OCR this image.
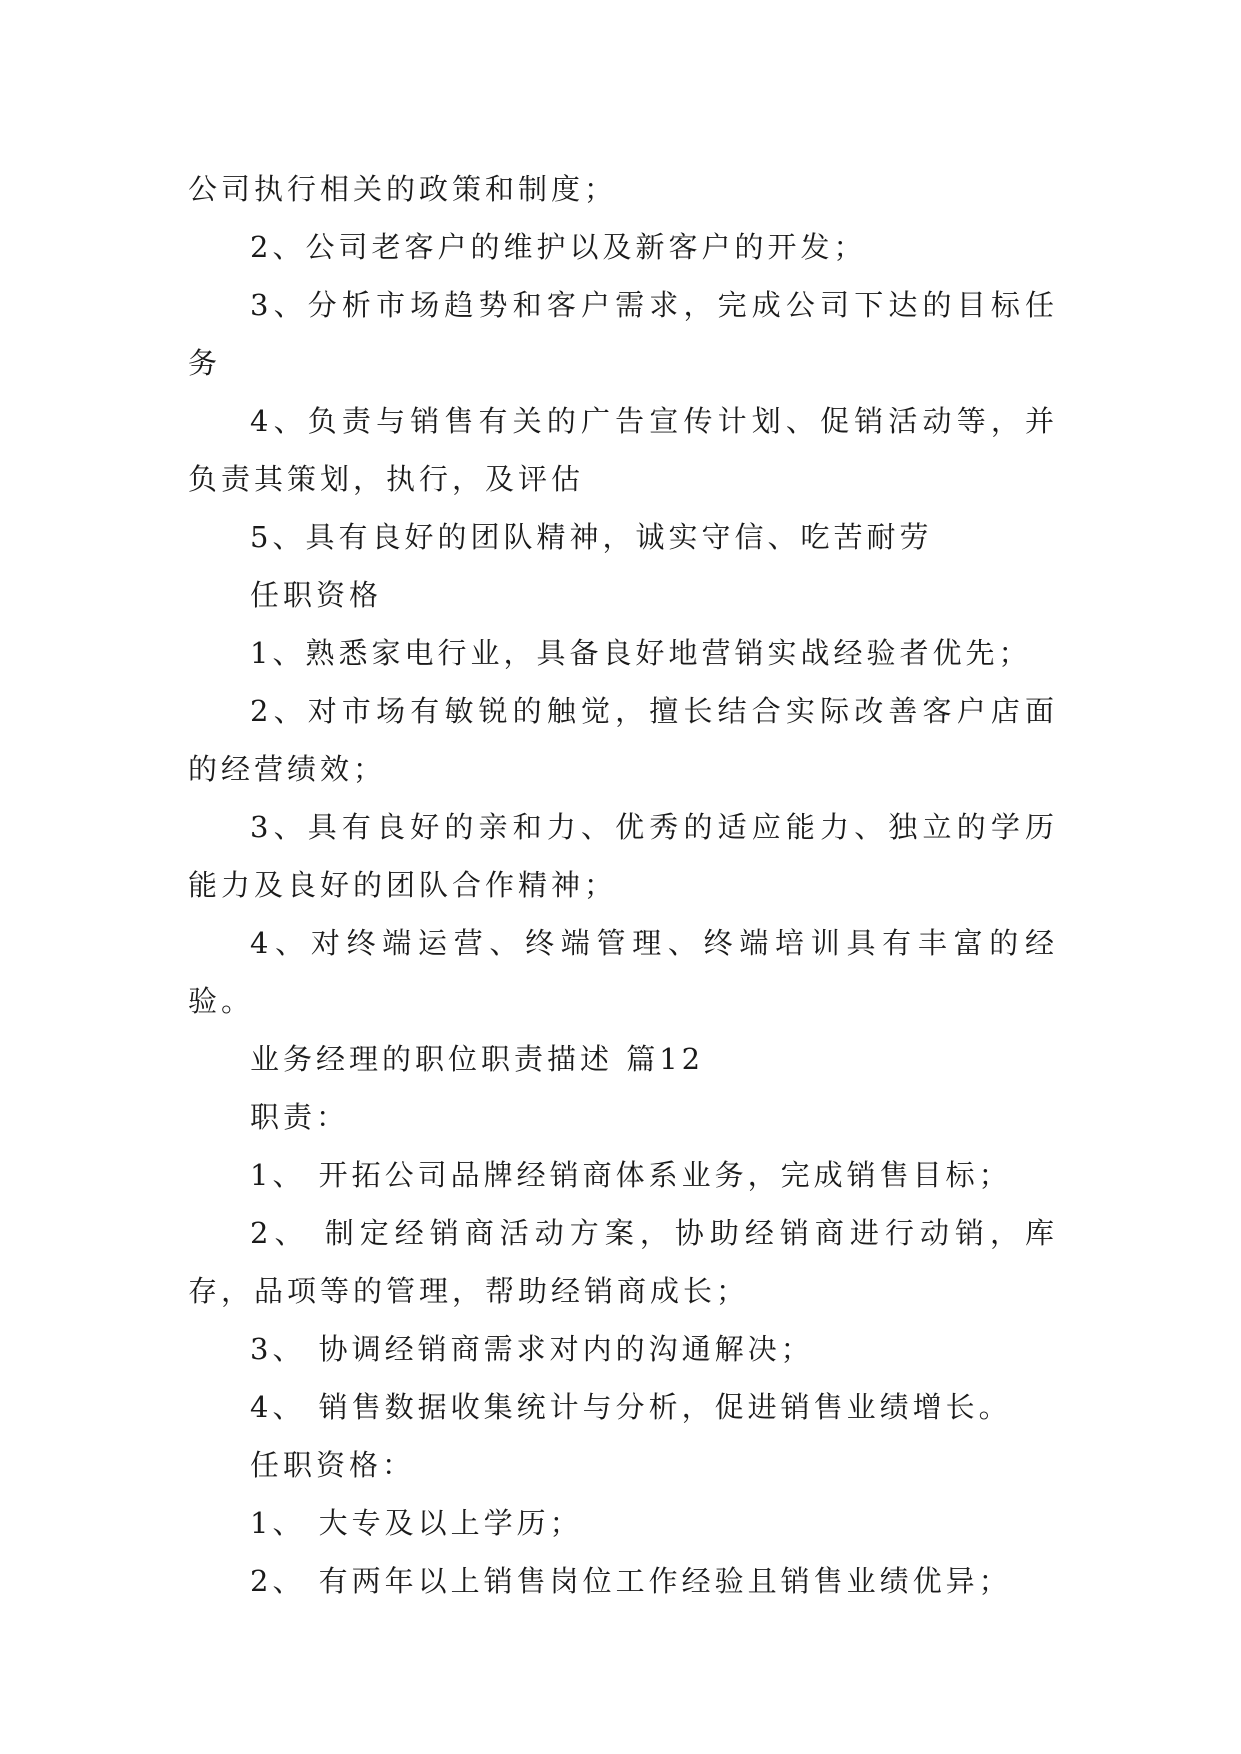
公司执行相关的政策和制度；

2、公司老客户的维护以及新客户的开发；

3、分析市场趋势和客户需求，完成公司下达的目标任务

4、负责与销售有关的广告宣传计划、促销活动等，并负责其策划，执行，及评估

5、具有良好的团队精神，诚实守信、吃苦耐劳

任职资格

1、熟悉家电行业，具备良好地营销实战经验者优先；

2、对市场有敏锐的触觉，擅长结合实际改善客户店面的经营绩效；

3、具有良好的亲和力、优秀的适应能力、独立的学历能力及良好的团队合作精神；

4、对终端运营、终端管理、终端培训具有丰富的经验。

业务经理的职位职责描述 篇12

职责：

1、 开拓公司品牌经销商体系业务，完成销售目标；

2、 制定经销商活动方案，协助经销商进行动销，库存，品项等的管理，帮助经销商成长；

3、 协调经销商需求对内的沟通解决；

4、 销售数据收集统计与分析，促进销售业绩增长。

任职资格：

1、 大专及以上学历；

2、 有两年以上销售岗位工作经验且销售业绩优异；
